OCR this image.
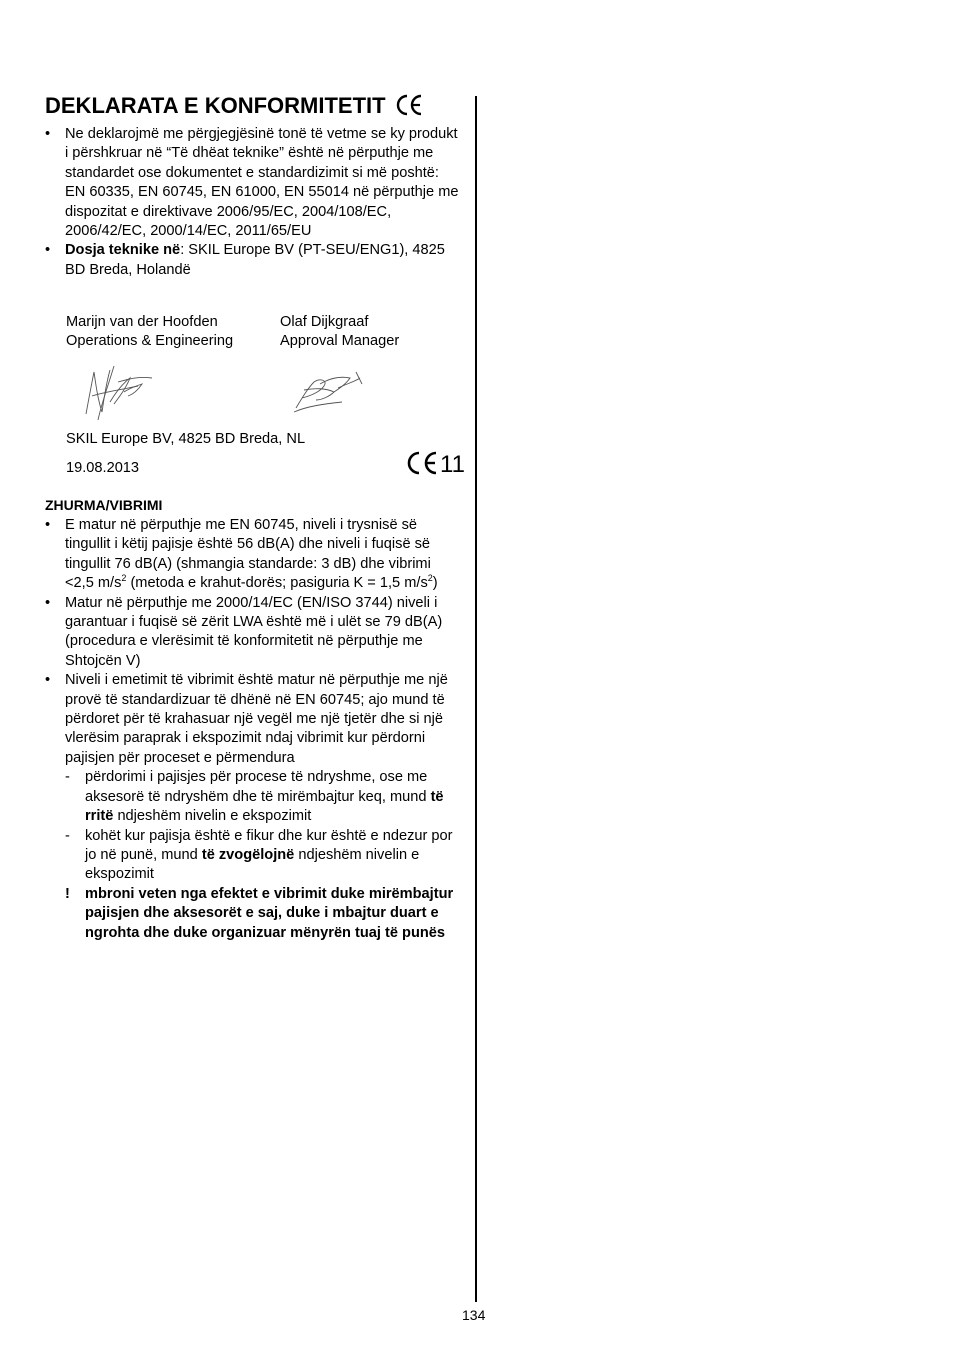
DEKLARATA E KONFORMITETIT
• Ne deklarojmë me përgjegjësinë tonë të vetme se ky produkt i përshkruar në “Të dhëat teknike” është në përputhje me standardet ose dokumentet e standardizimit si më poshtë: EN 60335, EN 60745, EN 61000, EN 55014 në përputhje me dispozitat e direktivave 2006/95/EC, 2004/108/EC, 2006/42/EC, 2000/14/EC, 2011/65/EU
• Dosja teknike në: SKIL Europe BV (PT-SEU/ENG1), 4825 BD Breda, Holandë
Marijn van der Hoofden
Operations & Engineering
Olaf Dijkgraaf
Approval Manager
SKIL Europe BV, 4825 BD Breda, NL
19.08.2013	11
ZHURMA/VIBRIMI
• E matur në përputhje me EN 60745, niveli i trysnisë së tingullit i këtij pajisje është 56 dB(A) dhe niveli i fuqisë së tingullit 76 dB(A) (shmangia standarde: 3 dB) dhe vibrimi <2,5 $m/s^2$ (metoda e krahut-dorës; pasiguria K = 1,5 $m/s^2$)
• Matur në përputhje me 2000/14/EC (EN/ISO 3744) niveli i garantuar i fuqisë së zërit LWA është më i ulët se 79 dB(A) (procedura e vlerësimit të konformitetit në përputhje me Shtojcën V)
• Niveli i emetimit të vibrimit është matur në përputhje me një provë të standardizuar të dhënë në EN 60745; ajo mund të përdoret për të krahasuar një vegël me një tjetër dhe si një vlerësim paraprak i ekspozimit ndaj vibrimit kur përdorni pajisjen për proceset e përmendura
- përdorimi i pajisjes për procese të ndryshme, ose me aksesorë të ndryshëm dhe të mirëmbajtur keq, mund të rritë ndjeshëm nivelin e ekspozimit
- kohët kur pajisja është e fikur dhe kur është e ndezur por jo në punë, mund të zvogëlojnë ndjeshëm nivelin e ekspozimit
! mbroni veten nga efektet e vibrimit duke mirëmbajtur pajisjen dhe aksesorët e saj, duke i mbajtur duart e ngrohta dhe duke organizuar mënyrën tuaj të punës
134
